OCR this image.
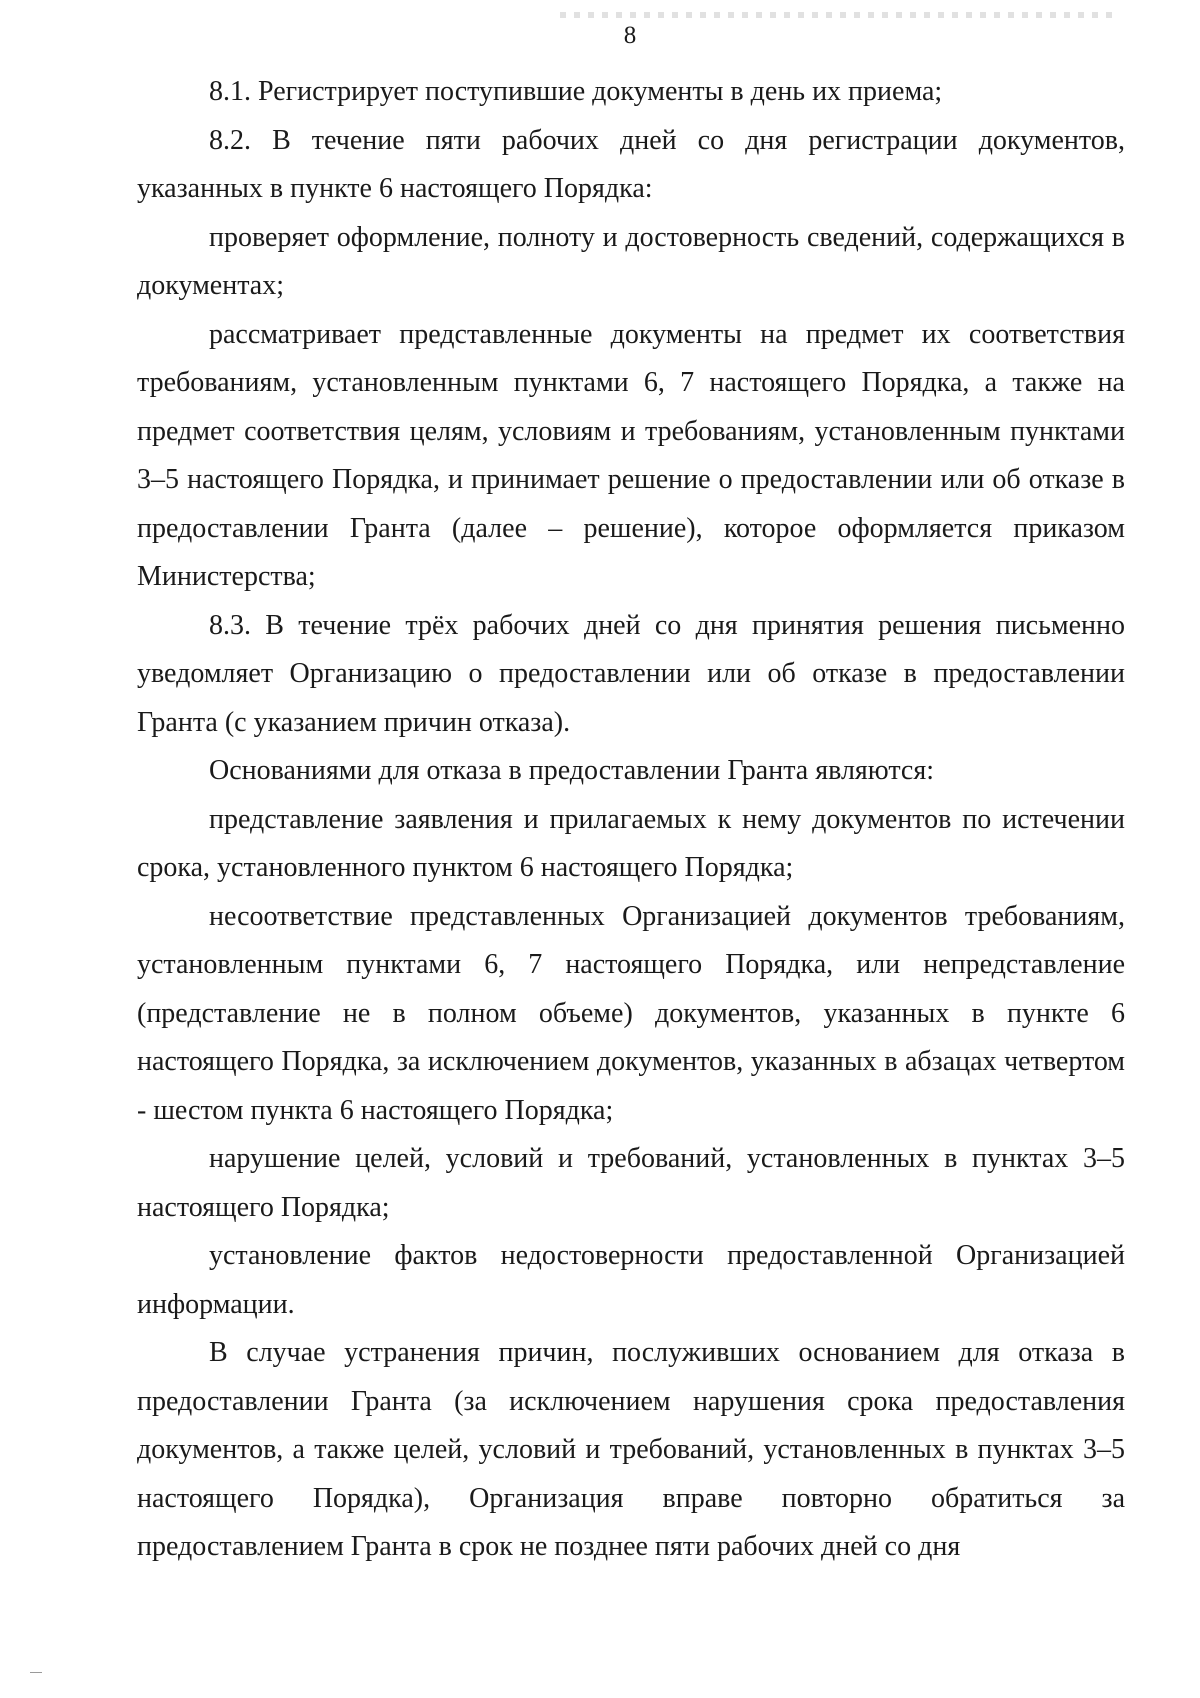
8

8.1. Регистрирует поступившие документы в день их приема;

8.2. В течение пяти рабочих дней со дня регистрации документов, указанных в пункте 6 настоящего Порядка:

проверяет оформление, полноту и достоверность сведений, содержащихся в документах;

рассматривает представленные документы на предмет их соответствия требованиям, установленным пунктами 6, 7 настоящего Порядка, а также на предмет соответствия целям, условиям и требованиям, установленным пунктами 3–5 настоящего Порядка, и принимает решение о предоставлении или об отказе в предоставлении Гранта (далее – решение), которое оформляется приказом Министерства;

8.3. В течение трёх рабочих дней со дня принятия решения письменно уведомляет Организацию о предоставлении или об отказе в предоставлении Гранта (с указанием причин отказа).

Основаниями для отказа в предоставлении Гранта являются:

представление заявления и прилагаемых к нему документов по истечении срока, установленного пунктом 6 настоящего Порядка;

несоответствие представленных Организацией документов требованиям, установленным пунктами 6, 7 настоящего Порядка, или непредставление (представление не в полном объеме) документов, указанных в пункте 6 настоящего Порядка, за исключением документов, указанных в абзацах четвертом - шестом пункта 6 настоящего Порядка;

нарушение целей, условий и требований, установленных в пунктах 3–5 настоящего Порядка;

установление фактов недостоверности предоставленной Организацией информации.

В случае устранения причин, послуживших основанием для отказа в предоставлении Гранта (за исключением нарушения срока предоставления документов, а также целей, условий и требований, установленных в пунктах 3–5 настоящего Порядка), Организация вправе повторно обратиться за предоставлением Гранта в срок не позднее пяти рабочих дней со дня
